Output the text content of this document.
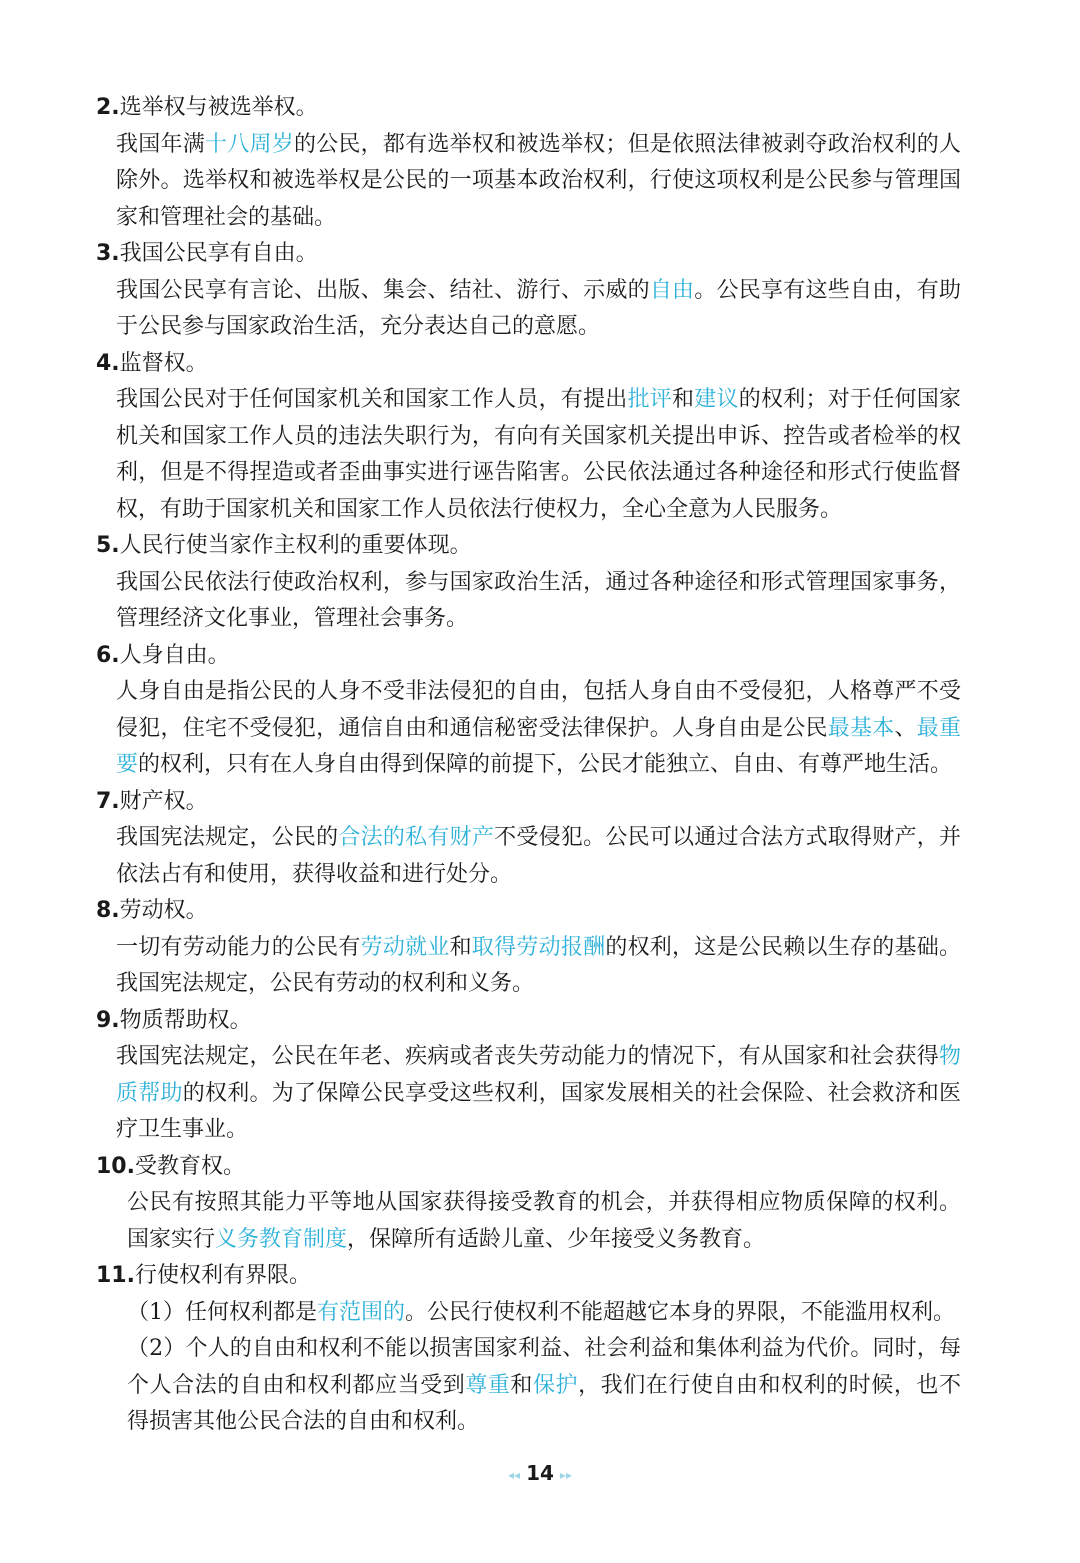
2.选举权与被选举权。
我国年满十八周岁的公民，都有选举权和被选举权；但是依照法律被剥夺政治权利的人除外。选举权和被选举权是公民的一项基本政治权利，行使这项权利是公民参与管理国家和管理社会的基础。
3.我国公民享有自由。
我国公民享有言论、出版、集会、结社、游行、示威的自由。公民享有这些自由，有助于公民参与国家政治生活，充分表达自己的意愿。
4.监督权。
我国公民对于任何国家机关和国家工作人员，有提出批评和建议的权利；对于任何国家机关和国家工作人员的违法失职行为，有向有关国家机关提出申诉、控告或者检举的权利，但是不得捏造或者歪曲事实进行诬告陷害。公民依法通过各种途径和形式行使监督权，有助于国家机关和国家工作人员依法行使权力，全心全意为人民服务。
5.人民行使当家作主权利的重要体现。
我国公民依法行使政治权利，参与国家政治生活，通过各种途径和形式管理国家事务，管理经济文化事业，管理社会事务。
6.人身自由。
人身自由是指公民的人身不受非法侵犯的自由，包括人身自由不受侵犯，人格尊严不受侵犯，住宅不受侵犯，通信自由和通信秘密受法律保护。人身自由是公民最基本、最重要的权利，只有在人身自由得到保障的前提下，公民才能独立、自由、有尊严地生活。
7.财产权。
我国宪法规定，公民的合法的私有财产不受侵犯。公民可以通过合法方式取得财产，并依法占有和使用，获得收益和进行处分。
8.劳动权。
一切有劳动能力的公民有劳动就业和取得劳动报酬的权利，这是公民赖以生存的基础。我国宪法规定，公民有劳动的权利和义务。
9.物质帮助权。
我国宪法规定，公民在年老、疾病或者丧失劳动能力的情况下，有从国家和社会获得物质帮助的权利。为了保障公民享受这些权利，国家发展相关的社会保险、社会救济和医疗卫生事业。
10.受教育权。
公民有按照其能力平等地从国家获得接受教育的机会，并获得相应物质保障的权利。国家实行义务教育制度，保障所有适龄儿童、少年接受义务教育。
11.行使权利有界限。
（1）任何权利都是有范围的。公民行使权利不能超越它本身的界限，不能滥用权利。
（2）个人的自由和权利不能以损害国家利益、社会利益和集体利益为代价。同时，每个人合法的自由和权利都应当受到尊重和保护，我们在行使自由和权利的时候，也不得损害其他公民合法的自由和权利。
◂◂ 14 ▸▸
